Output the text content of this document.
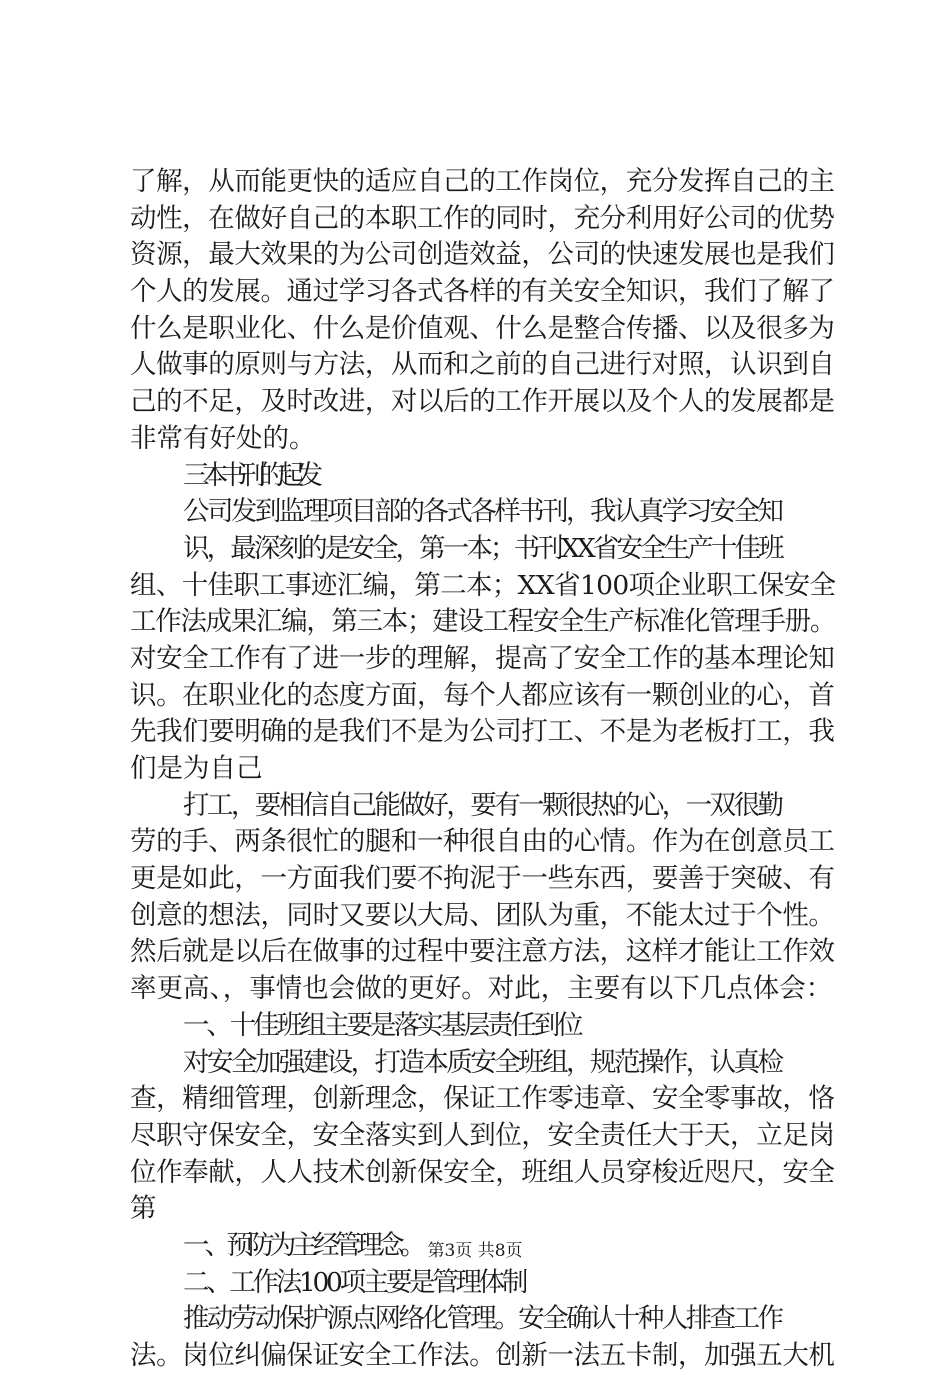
了解，从而能更快的适应自己的工作岗位，充分发挥自己的主
动性，在做好自己的本职工作的同时，充分利用好公司的优势
资源，最大效果的为公司创造效益，公司的快速发展也是我们
个人的发展。通过学习各式各样的有关安全知识，我们了解了
什么是职业化、什么是价值观、什么是整合传播、以及很多为
人做事的原则与方法，从而和之前的自己进行对照，认识到自
己的不足，及时改进，对以后的工作开展以及个人的发展都是
非常有好处的。
三本书刊的起发
公司发到监理项目部的各式各样书刊，我认真学习安全知
识，最深刻的是安全，第一本；书刊XX省安全生产十佳班
组、十佳职工事迹汇编，第二本；XX省100项企业职工保安全
工作法成果汇编，第三本；建设工程安全生产标准化管理手册。
对安全工作有了进一步的理解，提高了安全工作的基本理论知
识。在职业化的态度方面，每个人都应该有一颗创业的心，首
先我们要明确的是我们不是为公司打工、不是为老板打工，我
们是为自己
打工，要相信自己能做好，要有一颗很热的心，一双很勤
劳的手、两条很忙的腿和一种很自由的心情。作为在创意员工
更是如此，一方面我们要不拘泥于一些东西，要善于突破、有
创意的想法，同时又要以大局、团队为重，不能太过于个性。
然后就是以后在做事的过程中要注意方法，这样才能让工作效
率更高、，事情也会做的更好。对此，主要有以下几点体会：
一、十佳班组主要是落实基层责任到位
对安全加强建设，打造本质安全班组，规范操作，认真检
查，精细管理，创新理念，保证工作零违章、安全零事故，恪
尽职守保安全，安全落实到人到位，安全责任大于天，立足岗
位作奉献，人人技术创新保安全，班组人员穿梭近咫尺，安全
第
一、预防为主经管理念。
二、工作法100项主要是管理体制
推动劳动保护源点网络化管理。安全确认十种人排查工作
法。岗位纠偏保证安全工作法。创新一法五卡制，加强五大机
第3页 共8页
